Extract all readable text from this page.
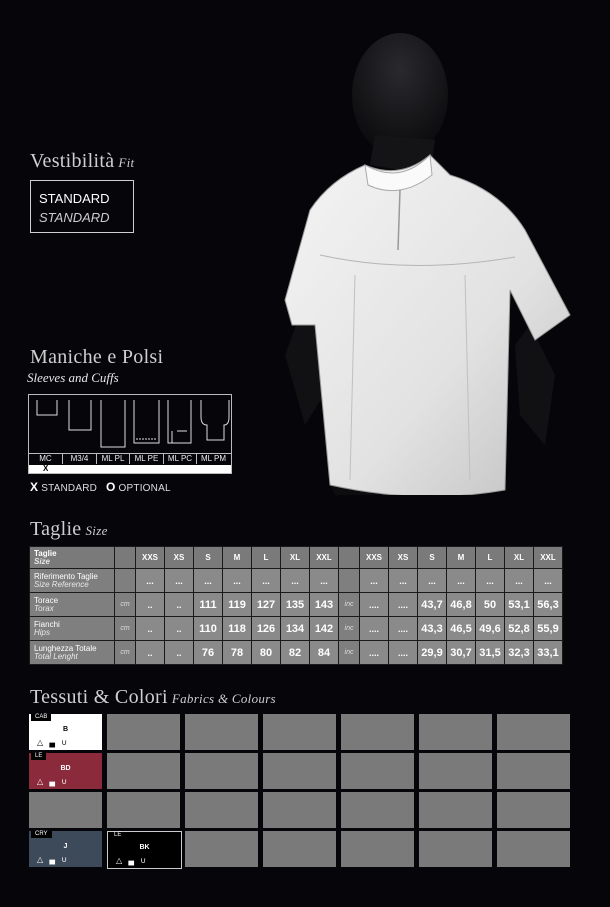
Vestibilità Fit
STANDARD
STANDARD
Maniche e Polsi
Sleeves and Cuffs
MC	M3/4	ML PL	ML PE	ML PC	ML PM
X
X STANDARD O OPTIONAL
Taglie Size
Taglie
Size		XXS	XS	S	M	L	XL	XXL		XXS	XS	S	M	L	XL	XXL
Riferimento Taglie
Size Reference		...	...	...	...	...	...	...		...	...	...	...	...	...	...
Torace
Torax	cm	..	..	111	119	127	135	143	inc	....	....	43,7	46,8	50	53,1	56,3
Fianchi
Hips	cm	..	..	110	118	126	134	142	inc	....	....	43,3	46,5	49,6	52,8	55,9
Lunghezza Totale
Total Lenght	cm	..	..	76	78	80	82	84	inc	....	....	29,9	30,7	31,5	32,3	33,1
Tessuti & Colori Fabrics & Colours
CAB
B
△ ▄ ∪
LE
BD
△ ▄ ∪
CRY
J
△ ▄ ∪
LE
BK
△ ▄ ∪
